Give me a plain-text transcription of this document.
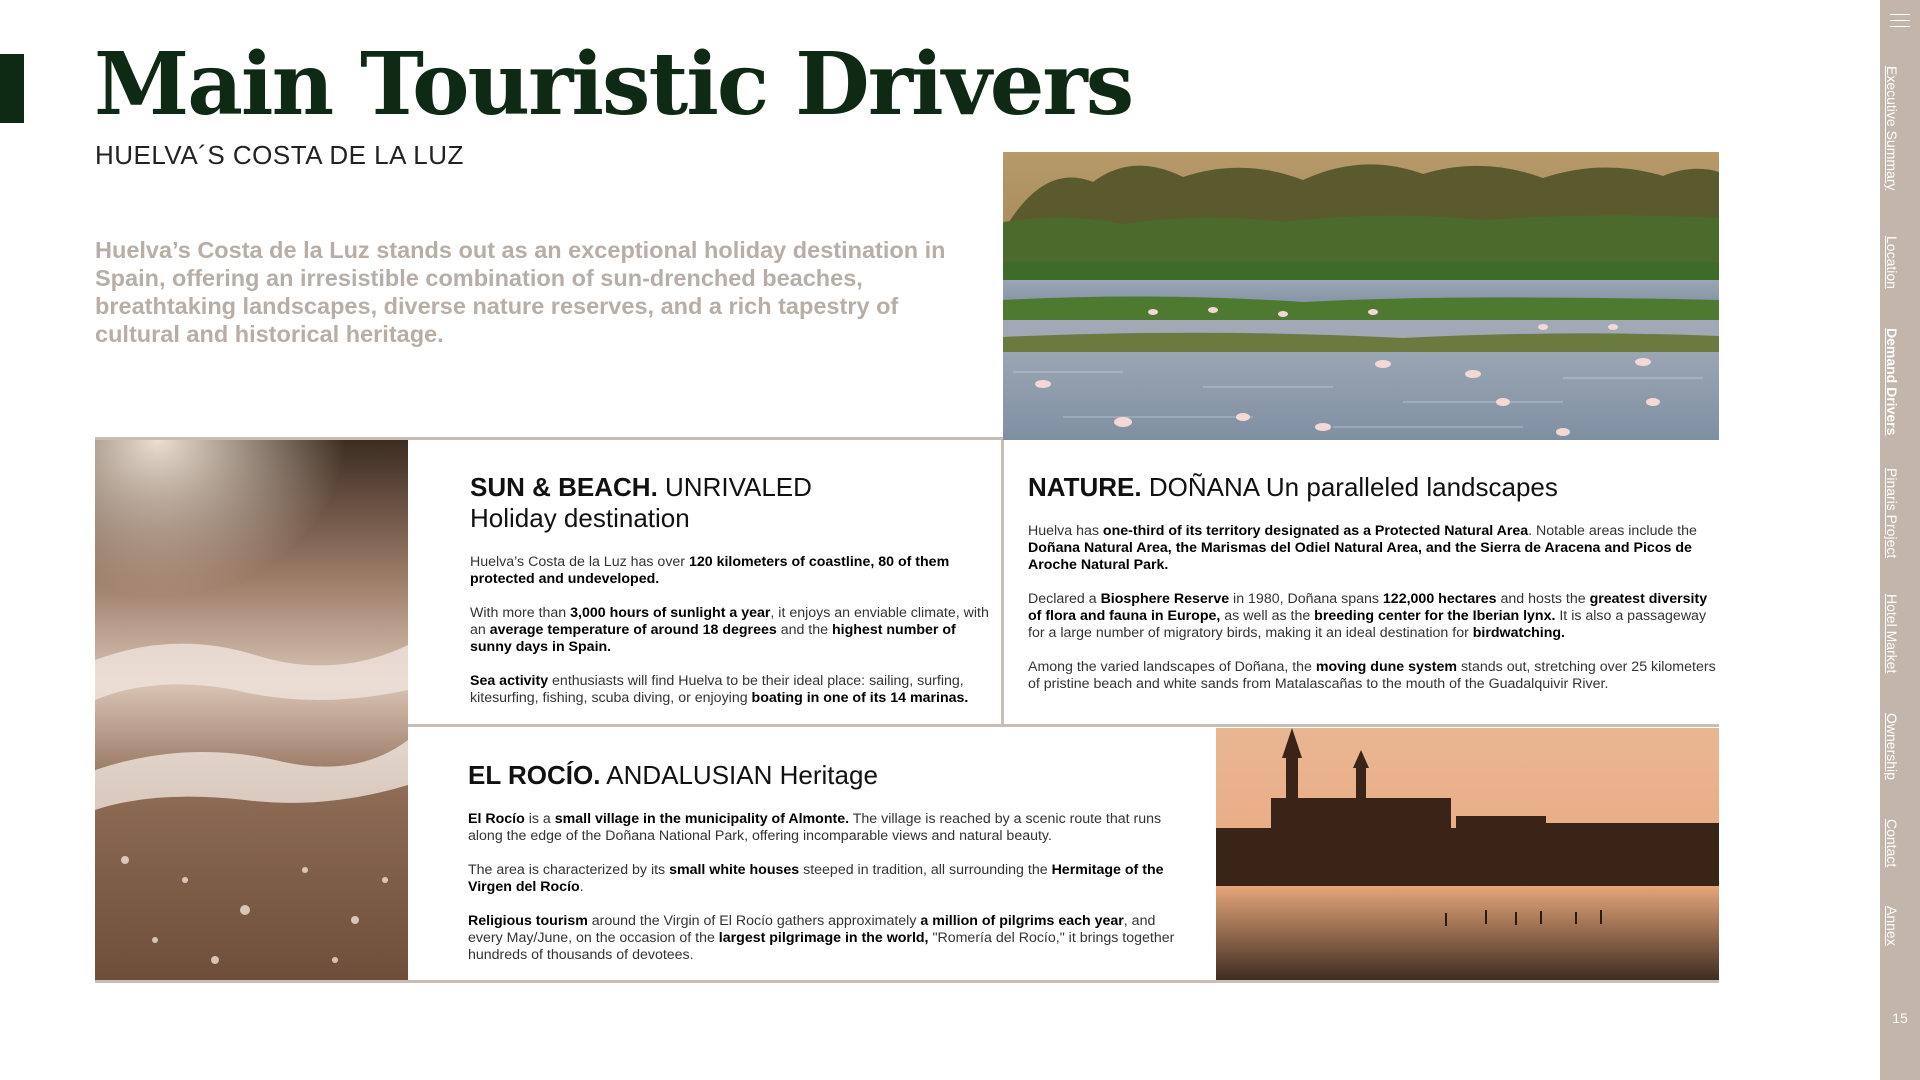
Main Touristic Drivers
HUELVA´S COSTA DE LA LUZ
Huelva’s Costa de la Luz stands out as an exceptional holiday destination in Spain, offering an irresistible combination of sun-drenched beaches, breathtaking landscapes, diverse nature reserves, and a rich tapestry of cultural and historical heritage.
SUN & BEACH. UNRIVALED
Holiday destination

Huelva’s Costa de la Luz has over 120 kilometers of coastline, 80 of them protected and undeveloped.

With more than 3,000 hours of sunlight a year, it enjoys an enviable climate, with an average temperature of around 18 degrees and the highest number of sunny days in Spain.

Sea activity enthusiasts will find Huelva to be their ideal place: sailing, surfing, kitesurfing, fishing, scuba diving, or enjoying boating in one of its 14 marinas.

NATURE. DOÑANA Un paralleled landscapes

Huelva has one-third of its territory designated as a Protected Natural Area. Notable areas include the Doñana Natural Area, the Marismas del Odiel Natural Area, and the Sierra de Aracena and Picos de Aroche Natural Park.

Declared a Biosphere Reserve in 1980, Doñana spans 122,000 hectares and hosts the greatest diversity of flora and fauna in Europe, as well as the breeding center for the Iberian lynx. It is also a passageway for a large number of migratory birds, making it an ideal destination for birdwatching.

Among the varied landscapes of Doñana, the moving dune system stands out, stretching over 25 kilometers of pristine beach and white sands from Matalascañas to the mouth of the Guadalquivir River.

EL ROCÍO. ANDALUSIAN Heritage

El Rocío is a small village in the municipality of Almonte. The village is reached by a scenic route that runs along the edge of the Doñana National Park, offering incomparable views and natural beauty.

The area is characterized by its small white houses steeped in tradition, all surrounding the Hermitage of the Virgen del Rocío.

Religious tourism around the Virgin of El Rocío gathers approximately a million of pilgrims each year, and every May/June, on the occasion of the largest pilgrimage in the world, "Romería del Rocío," it brings together hundreds of thousands of devotees.

Executive Summary
Location
Demand Drivers
Pinaris Project
Hotel Market
Ownership
Contact
Annex
15
